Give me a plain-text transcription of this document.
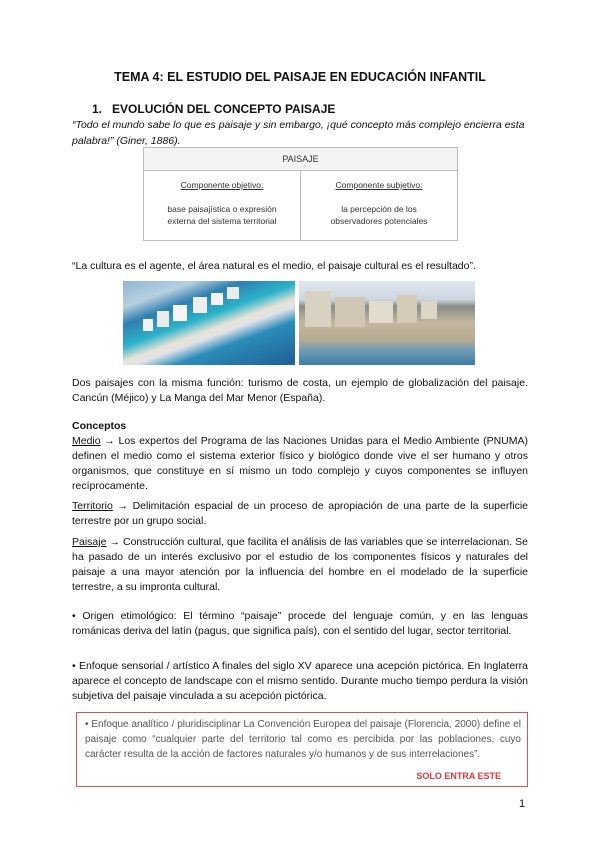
TEMA 4: EL ESTUDIO DEL PAISAJE EN EDUCACIÓN INFANTIL
1. EVOLUCIÓN DEL CONCEPTO PAISAJE
“Todo el mundo sabe lo que es paisaje y sin embargo, ¡qué concepto más complejo encierra esta palabra!” (Giner, 1886).
PAISAJE
Componente objetivo:
base paisajística o expresión
externa del sistema territorial
Componente subjetivo:
la percepción de los
observadores potenciales
“La cultura es el agente, el área natural es el medio, el paisaje cultural es el resultado”.
Dos paisajes con la misma función: turismo de costa, un ejemplo de globalización del paisaje. Cancún (Méjico) y La Manga del Mar Menor (España).
Conceptos
Medio → Los expertos del Programa de las Naciones Unidas para el Medio Ambiente (PNUMA) definen el medio como el sistema exterior físico y biológico donde vive el ser humano y otros organismos, que constituye en sí mismo un todo complejo y cuyos componentes se influyen recíprocamente.
Territorio → Delimitación espacial de un proceso de apropiación de una parte de la superficie terrestre por un grupo social.
Paisaje → Construcción cultural, que facilita el análisis de las variables que se interrelacionan. Se ha pasado de un interés exclusivo por el estudio de los componentes físicos y naturales del paisaje a una mayor atención por la influencia del hombre en el modelado de la superficie terrestre, a su impronta cultural.
• Origen etimológico: El término “paisaje” procede del lenguaje común, y en las lenguas románicas deriva del latín (pagus, que significa país), con el sentido del lugar, sector territorial.
• Enfoque sensorial / artístico A finales del siglo XV aparece una acepción pictórica. En Inglaterra aparece el concepto de landscape con el mismo sentido. Durante mucho tiempo perdura la visión subjetiva del paisaje vinculada a su acepción pictórica.
• Enfoque analítico / pluridisciplinar La Convención Europea del paisaje (Florencia, 2000) define el paisaje como “cualquier parte del territorio tal como es percibida por las poblaciones, cuyo carácter resulta de la acción de factores naturales y/o humanos y de sus interrelaciones”.
SOLO ENTRA ESTE
1
